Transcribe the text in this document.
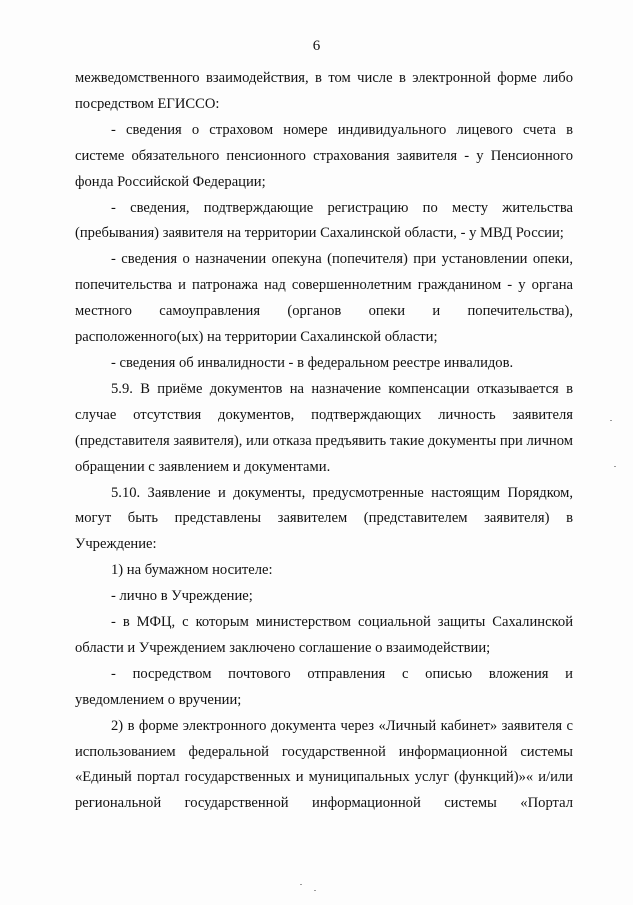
6

межведомственного взаимодействия, в том числе в электронной форме либо посредством ЕГИССО:

- сведения о страховом номере индивидуального лицевого счета в системе обязательного пенсионного страхования заявителя - у Пенсионного фонда Российской Федерации;

- сведения, подтверждающие регистрацию по месту жительства (пребывания) заявителя на территории Сахалинской области, - у МВД России;

- сведения о назначении опекуна (попечителя) при установлении опеки, попечительства и патронажа над совершеннолетним гражданином - у органа местного самоуправления (органов опеки и попечительства), расположенного(ых) на территории Сахалинской области;

- сведения об инвалидности - в федеральном реестре инвалидов.

5.9. В приёме документов на назначение компенсации отказывается в случае отсутствия документов, подтверждающих личность заявителя (представителя заявителя), или отказа предъявить такие документы при личном обращении с заявлением и документами.

5.10. Заявление и документы, предусмотренные настоящим Порядком, могут быть представлены заявителем (представителем заявителя) в Учреждение:

1) на бумажном носителе:

- лично в Учреждение;

- в МФЦ, с которым министерством социальной защиты Сахалинской области и Учреждением заключено соглашение о взаимодействии;

- посредством почтового отправления с описью вложения и уведомлением о вручении;

2) в форме электронного документа через «Личный кабинет» заявителя с использованием федеральной государственной информационной системы «Единый портал государственных и муниципальных услуг (функций)»« и/или региональной государственной информационной системы «Портал
